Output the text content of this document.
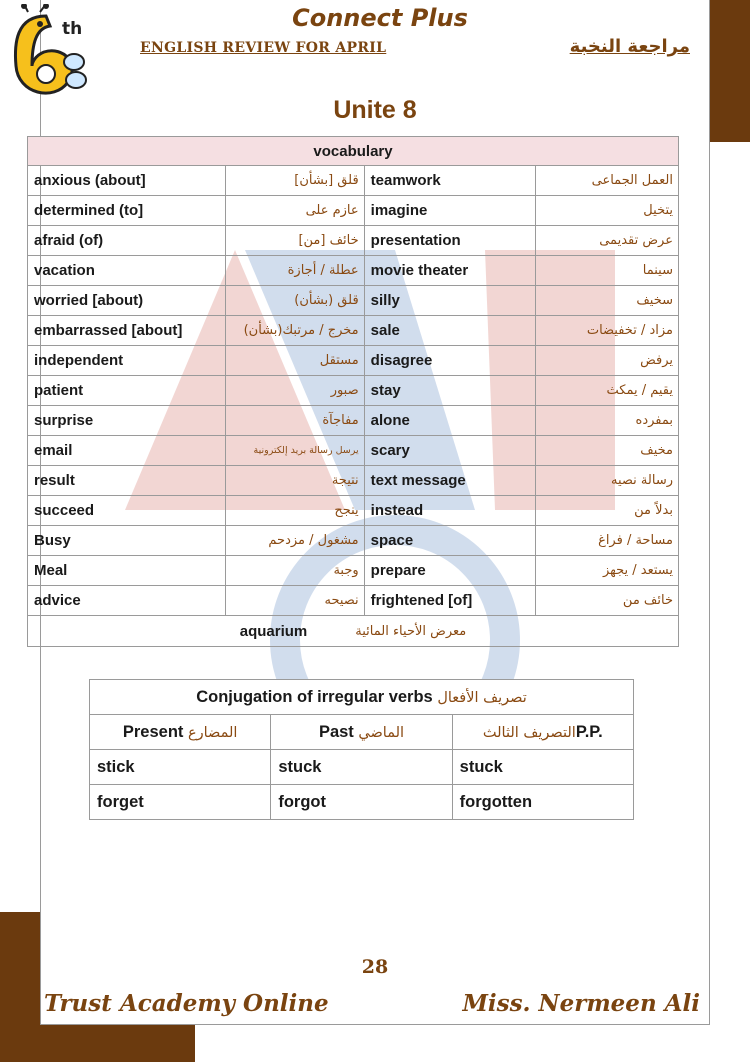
th	Connect Plus
ENGLISH REVIEW FOR APRIL	مراجعة النخبة
Unite 8
vocabulary			
anxious (about]	قلق [بشأن]	teamwork	العمل الجماعى
determined (to]	عازم على	imagine	يتخيل
afraid (of)	خائف [من]	presentation	عرض تقديمى
vacation	عطلة / أجازة	movie theater	سينما
worried [about)	قلق (بشأن)	silly	سخيف
embarrassed [about]	مخرج / مرتبك(بشأن)	sale	مزاد / تخفيضات
independent	مستقل	disagree	يرفض
patient	صبور	stay	يقيم / يمكث
surprise	مفاجآة	alone	بمفرده
email	يرسل رسالة بريد إلكترونية	scary	مخيف
result	نتيجة	text message	رسالة نصيه
succeed	ينجح	instead	بدلاً من
Busy	مشغول / مزدحم	space	مساحة / فراغ
Meal	وجبة	prepare	يستعد / يجهز
advice	نصيحه	frightened [of]	خائف من

aquarium معرض الأحياء المائية			
Conjugation of irregular verbs تصريف الأفعال		
Present المضارع	Past الماضي	التصريف الثالثP.P.
stick	stuck	stuck
forget	forgot	forgotten
28
Trust Academy Online	Miss. Nermeen Ali
